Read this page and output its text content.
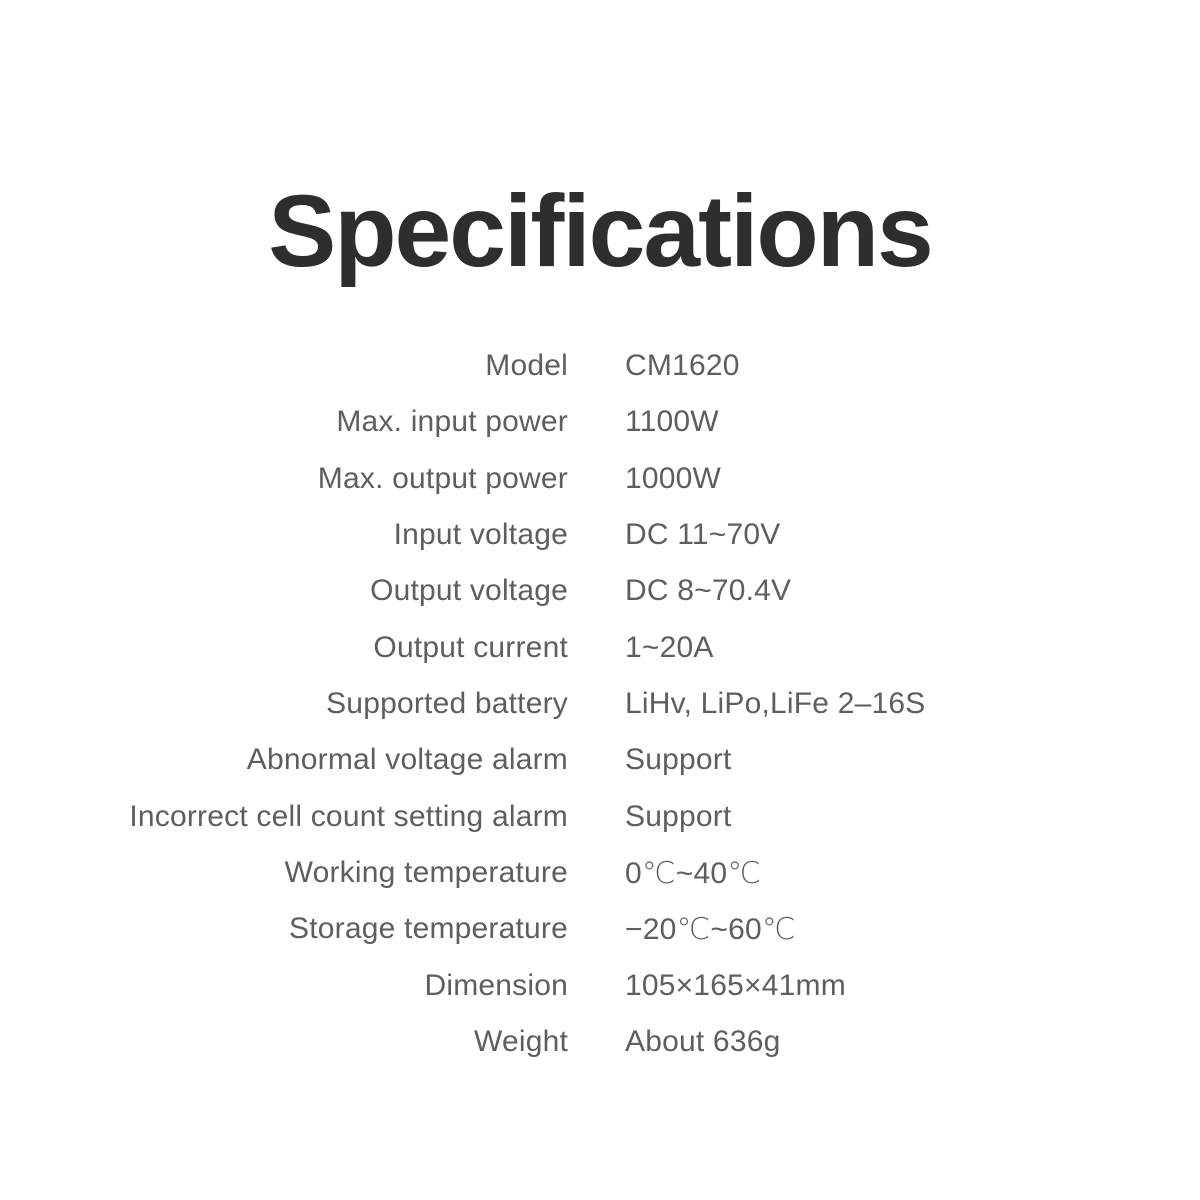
Specifications
Model CM1620
Max. input power 1100W
Max. output power 1000W
Input voltage DC 11~70V
Output voltage DC 8~70.4V
Output current 1~20A
Supported battery LiHv, LiPo,LiFe 2–16S
Abnormal voltage alarm Support
Incorrect cell count setting alarm Support
Working temperature 0℃~40℃
Storage temperature −20℃~60℃
Dimension 105×165×41mm
Weight About 636g
